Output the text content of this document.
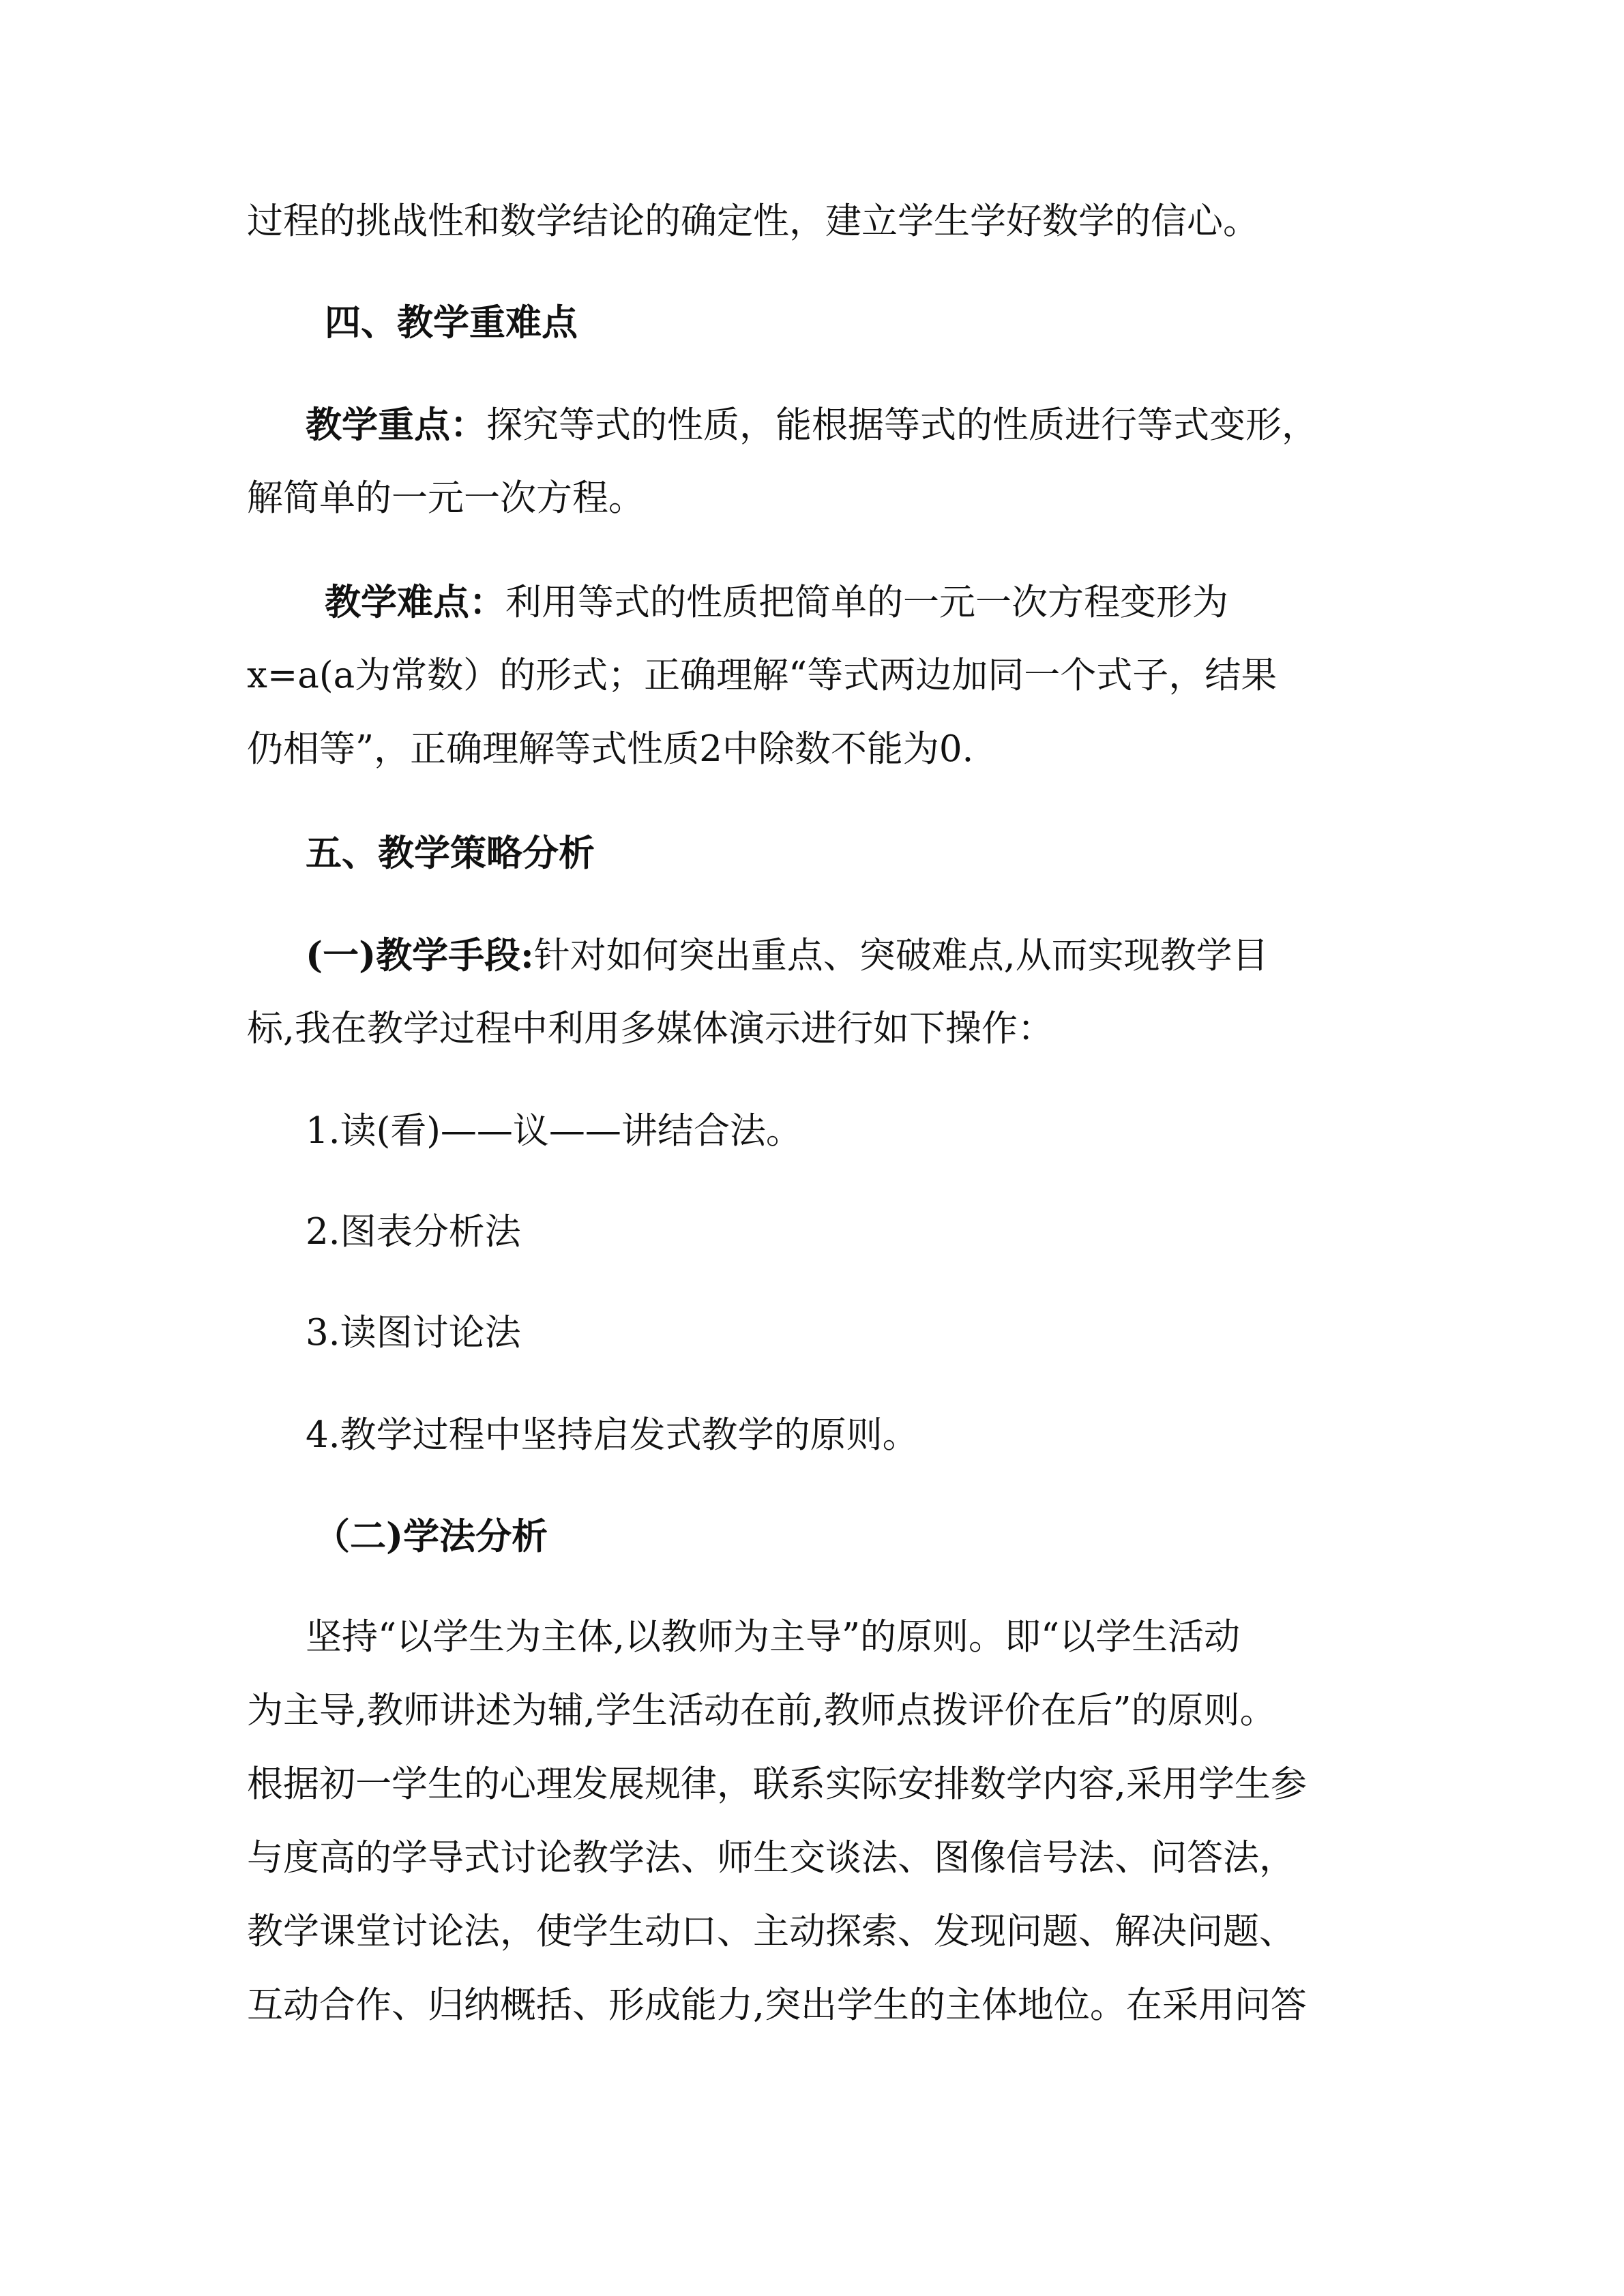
过程的挑战性和数学结论的确定性，建立学生学好数学的信心。
四、教学重难点
教学重点：探究等式的性质，能根据等式的性质进行等式变形，
解简单的一元一次方程。
教学难点：利用等式的性质把简单的一元一次方程变形为
x=a(a为常数）的形式；正确理解“等式两边加同一个式子，结果
仍相等”，正确理解等式性质2中除数不能为0.
五、教学策略分析
(一)教学手段:针对如何突出重点、突破难点,从而实现教学目
标,我在教学过程中利用多媒体演示进行如下操作：
1.读(看)——议——讲结合法。
2.图表分析法
3.读图讨论法
4.教学过程中坚持启发式教学的原则。
（二)学法分析
坚持“以学生为主体,以教师为主导”的原则。即“以学生活动
为主导,教师讲述为辅,学生活动在前,教师点拨评价在后”的原则。
根据初一学生的心理发展规律，联系实际安排数学内容,采用学生参
与度高的学导式讨论教学法、师生交谈法、图像信号法、问答法，
教学课堂讨论法，使学生动口、主动探索、发现问题、解决问题、
互动合作、归纳概括、形成能力,突出学生的主体地位。在采用问答
